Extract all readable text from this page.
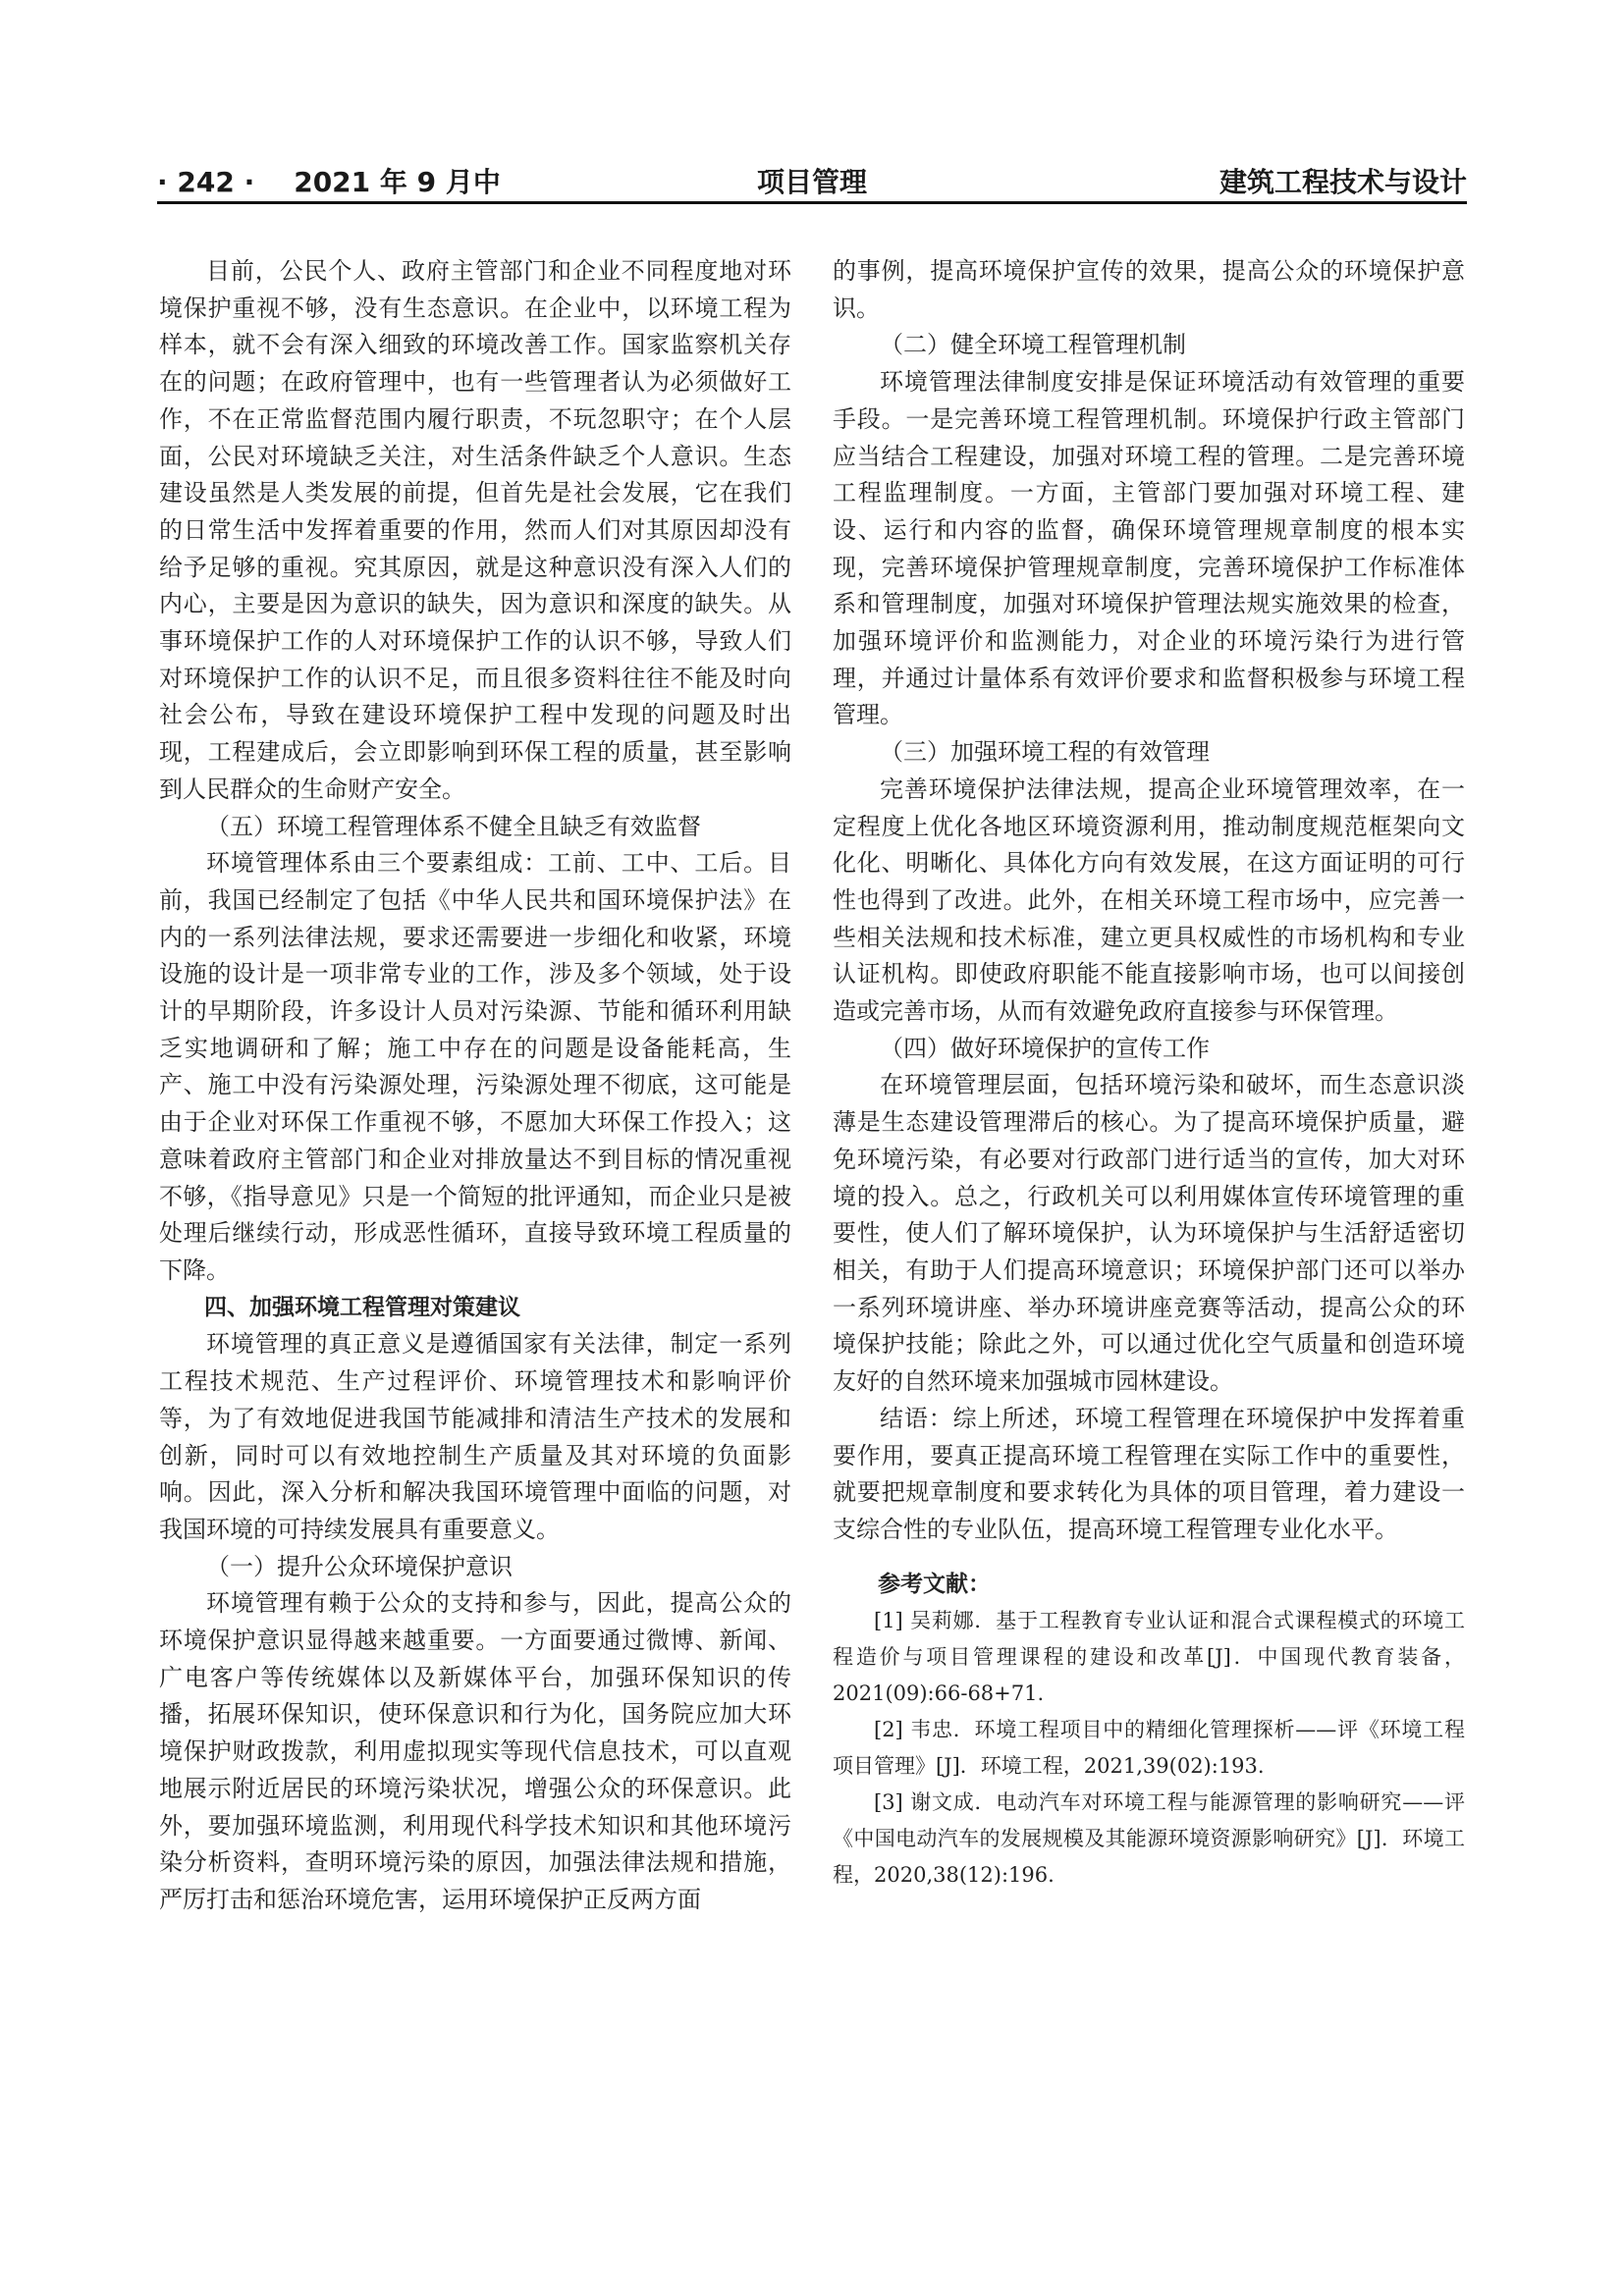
· 242 · 2021 年 9 月中	项目管理	建筑工程技术与设计

目前，公民个人、政府主管部门和企业不同程度地对环境保护重视不够，没有生态意识。在企业中，以环境工程为样本，就不会有深入细致的环境改善工作。国家监察机关存在的问题；在政府管理中，也有一些管理者认为必须做好工作，不在正常监督范围内履行职责，不玩忽职守；在个人层面，公民对环境缺乏关注，对生活条件缺乏个人意识。生态建设虽然是人类发展的前提，但首先是社会发展，它在我们的日常生活中发挥着重要的作用，然而人们对其原因却没有给予足够的重视。究其原因，就是这种意识没有深入人们的内心，主要是因为意识的缺失，因为意识和深度的缺失。从事环境保护工作的人对环境保护工作的认识不够，导致人们对环境保护工作的认识不足，而且很多资料往往不能及时向社会公布，导致在建设环境保护工程中发现的问题及时出现，工程建成后，会立即影响到环保工程的质量，甚至影响到人民群众的生命财产安全。

（五）环境工程管理体系不健全且缺乏有效监督

环境管理体系由三个要素组成：工前、工中、工后。目前，我国已经制定了包括《中华人民共和国环境保护法》在内的一系列法律法规，要求还需要进一步细化和收紧，环境设施的设计是一项非常专业的工作，涉及多个领域，处于设计的早期阶段，许多设计人员对污染源、节能和循环利用缺乏实地调研和了解；施工中存在的问题是设备能耗高，生产、施工中没有污染源处理，污染源处理不彻底，这可能是由于企业对环保工作重视不够，不愿加大环保工作投入；这意味着政府主管部门和企业对排放量达不到目标的情况重视不够，《指导意见》只是一个简短的批评通知，而企业只是被处理后继续行动，形成恶性循环，直接导致环境工程质量的下降。

四、加强环境工程管理对策建议

环境管理的真正意义是遵循国家有关法律，制定一系列工程技术规范、生产过程评价、环境管理技术和影响评价等，为了有效地促进我国节能减排和清洁生产技术的发展和创新，同时可以有效地控制生产质量及其对环境的负面影响。因此，深入分析和解决我国环境管理中面临的问题，对我国环境的可持续发展具有重要意义。

（一）提升公众环境保护意识

环境管理有赖于公众的支持和参与，因此，提高公众的环境保护意识显得越来越重要。一方面要通过微博、新闻、广电客户等传统媒体以及新媒体平台，加强环保知识的传播，拓展环保知识，使环保意识和行为化，国务院应加大环境保护财政拨款，利用虚拟现实等现代信息技术，可以直观地展示附近居民的环境污染状况，增强公众的环保意识。此外，要加强环境监测，利用现代科学技术知识和其他环境污染分析资料，查明环境污染的原因，加强法律法规和措施，严厉打击和惩治环境危害，运用环境保护正反两方面

的事例，提高环境保护宣传的效果，提高公众的环境保护意识。

（二）健全环境工程管理机制

环境管理法律制度安排是保证环境活动有效管理的重要手段。一是完善环境工程管理机制。环境保护行政主管部门应当结合工程建设，加强对环境工程的管理。二是完善环境工程监理制度。一方面，主管部门要加强对环境工程、建设、运行和内容的监督，确保环境管理规章制度的根本实现，完善环境保护管理规章制度，完善环境保护工作标准体系和管理制度，加强对环境保护管理法规实施效果的检查，加强环境评价和监测能力，对企业的环境污染行为进行管理，并通过计量体系有效评价要求和监督积极参与环境工程管理。

（三）加强环境工程的有效管理

完善环境保护法律法规，提高企业环境管理效率，在一定程度上优化各地区环境资源利用，推动制度规范框架向文化化、明晰化、具体化方向有效发展，在这方面证明的可行性也得到了改进。此外，在相关环境工程市场中，应完善一些相关法规和技术标准，建立更具权威性的市场机构和专业认证机构。即使政府职能不能直接影响市场，也可以间接创造或完善市场，从而有效避免政府直接参与环保管理。

（四）做好环境保护的宣传工作

在环境管理层面，包括环境污染和破坏，而生态意识淡薄是生态建设管理滞后的核心。为了提高环境保护质量，避免环境污染，有必要对行政部门进行适当的宣传，加大对环境的投入。总之，行政机关可以利用媒体宣传环境管理的重要性，使人们了解环境保护，认为环境保护与生活舒适密切相关，有助于人们提高环境意识；环境保护部门还可以举办一系列环境讲座、举办环境讲座竞赛等活动，提高公众的环境保护技能；除此之外，可以通过优化空气质量和创造环境友好的自然环境来加强城市园林建设。

结语：综上所述，环境工程管理在环境保护中发挥着重要作用，要真正提高环境工程管理在实际工作中的重要性，就要把规章制度和要求转化为具体的项目管理，着力建设一支综合性的专业队伍，提高环境工程管理专业化水平。

参考文献：

[1] 吴莉娜．基于工程教育专业认证和混合式课程模式的环境工程造价与项目管理课程的建设和改革[J]．中国现代教育装备，2021(09):66-68+71.

[2] 韦忠．环境工程项目中的精细化管理探析——评《环境工程项目管理》[J]．环境工程，2021,39(02):193.

[3] 谢文成．电动汽车对环境工程与能源管理的影响研究——评《中国电动汽车的发展规模及其能源环境资源影响研究》[J]．环境工程，2020,38(12):196.
